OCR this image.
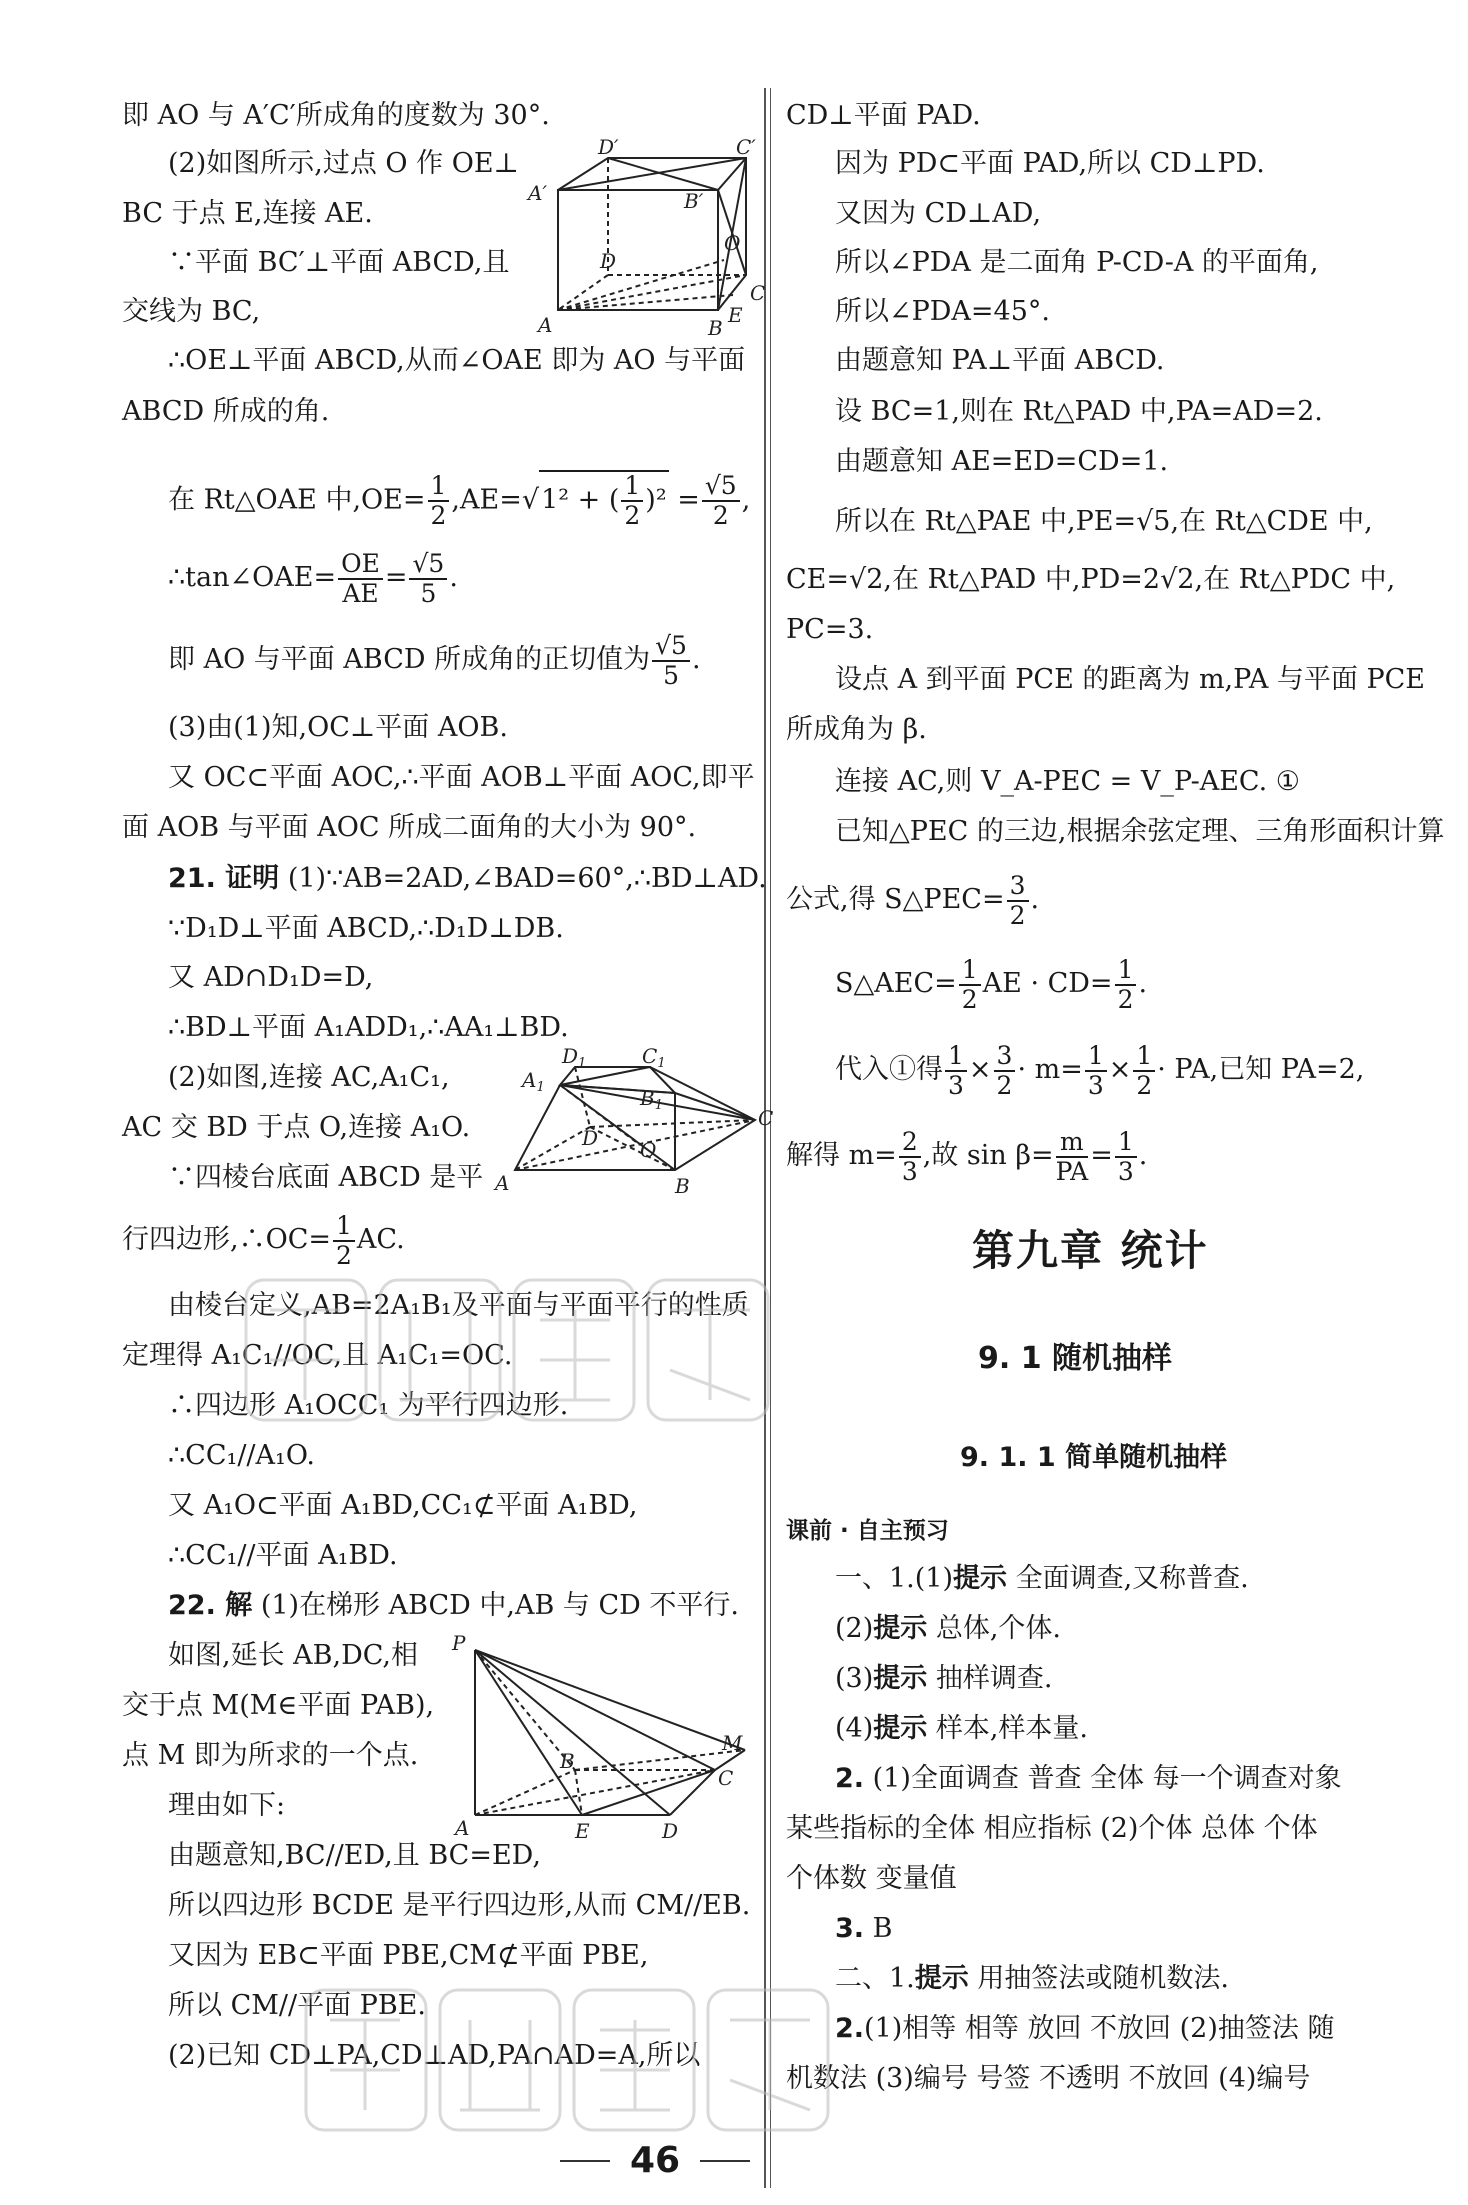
即 AO 与 A′C′所成角的度数为 30°.
(2)如图所示,过点 O 作 OE⊥
BC 于点 E,连接 AE.
∵平面 BC′⊥平面 ABCD,且
交线为 BC,
∴OE⊥平面 ABCD,从而∠OAE 即为 AO 与平面
ABCD 所成的角.
在 Rt△OAE 中$,OE= \frac{1}{2} ,AE=√1^2$ + ( $\frac{1}{2} )^2 = \frac{√5}{2}$ ,
∴tan∠OAE= $\frac{OE}{AE} = \frac{√5}{5}$ .
即 AO 与平面 ABCD 所成角的正切值为 $\frac{√5}{5}$ .
(3)由(1)知,OC⊥平面 AOB.
又 OC⊂平面 AOC,∴平面 AOB⊥平面 AOC,即平
面 AOB 与平面 AOC 所成二面角的大小为 90°.
21. 证明 (1)∵AB=2AD,∠BAD=60°,∴BD⊥AD.
∵D₁D⊥平面 ABCD,∴D₁D⊥DB.
又 AD∩D₁D=D,
∴BD⊥平面 A₁ADD₁,∴AA₁⊥BD.
(2)如图,连接 AC,A₁C₁,
AC 交 BD 于点 O,连接 A₁O.
∵四棱台底面 ABCD 是平
行四边形,∴OC= $\frac{1}{2}$ AC.
由棱台定义,AB=2A₁B₁及平面与平面平行的性质
定理得 A₁C₁//OC,且 A₁C₁=OC.
∴四边形 A₁OCC₁ 为平行四边形.
∴CC₁//A₁O.
又 A₁O⊂平面 A₁BD,CC₁⊄平面 A₁BD,
∴CC₁//平面 A₁BD.
22. 解 (1)在梯形 ABCD 中,AB 与 CD 不平行.
如图,延长 AB,DC,相
交于点 M(M∈平面 PAB),
点 M 即为所求的一个点.
理由如下:
由题意知,BC//ED,且 BC=ED,
所以四边形 BCDE 是平行四边形,从而 CM//EB.
又因为 EB⊂平面 PBE,CM⊄平面 PBE,
所以 CM//平面 PBE.
(2)已知 CD⊥PA,CD⊥AD,PA∩AD=A,所以
D′	C′
A′	B′
D
O
C
A	B
E
$D_1$	$C_1$
$A_1$	$B_1$
D O
C
A	B
P
B
C
M
A	E	D
CD⊥平面 PAD.
因为 PD⊂平面 PAD,所以 CD⊥PD.
又因为 CD⊥AD,
所以∠PDA 是二面角 P-CD-A 的平面角,
所以∠PDA=45°.
由题意知 PA⊥平面 ABCD.
设 BC=1,则在 Rt△PAD 中,PA=AD=2.
由题意知 AE=ED=CD=1.
所以在 Rt△PAE 中,PE=√5,在 Rt△CDE 中,
CE=√2,在 Rt△PAD 中,PD=2√2,在 Rt△PDC 中,
PC=3.
设点 A 到平面 PCE 的距离为 m,PA 与平面 PCE
所成角为 β.
连接 AC,则 V_A-PEC = V_P-AEC. ①
已知△PEC 的三边,根据余弦定理、三角形面积计算
公式,得 S△PEC= $\frac{3}{2}$ .
S△AEC= $\frac{1}{2}$ AE · $CD= \frac{1}{2}$ .
代入①得 $\frac{1}{3} \times \frac{3}{2} \cdot m= \frac{1}{3} \times \frac{1}{2}$ · PA,已知 PA=2,
解得 $m= \frac{2}{3}$ ,故 $\sin \beta= \frac{m}{PA} = \frac{1}{3}$ .
第九章 统计
9. 1 随机抽样
9. 1. 1 简单随机抽样
课前 · 自主预习
一、1.(1)提示 全面调查,又称普查.
(2)提示 总体,个体.
(3)提示 抽样调查.
(4)提示 样本,样本量.
2. (1)全面调查 普查 全体 每一个调查对象
某些指标的全体 相应指标 (2)个体 总体 个体
个体数 变量值
3. B
二、1.提示 用抽签法或随机数法.
2.(1)相等 相等 放回 不放回 (2)抽签法 随
机数法 (3)编号 号签 不透明 不放回 (4)编号
46
